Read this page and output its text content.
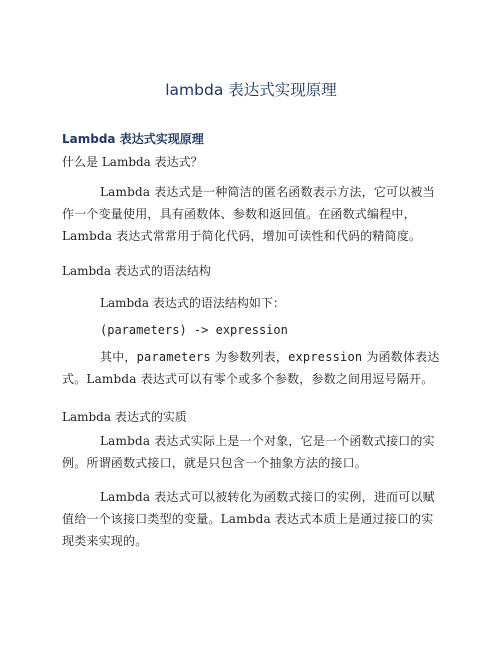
lambda 表达式实现原理
Lambda 表达式实现原理

什么是 Lambda 表达式？

Lambda 表达式是一种简洁的匿名函数表示方法，它可以被当作一个变量使用，具有函数体、参数和返回值。在函数式编程中，Lambda 表达式常常用于简化代码，增加可读性和代码的精简度。

Lambda 表达式的语法结构

Lambda 表达式的语法结构如下：

(parameters) -> expression

其中，parameters 为参数列表，expression 为函数体表达式。Lambda 表达式可以有零个或多个参数，参数之间用逗号隔开。

Lambda 表达式的实质

Lambda 表达式实际上是一个对象，它是一个函数式接口的实例。所谓函数式接口，就是只包含一个抽象方法的接口。

Lambda 表达式可以被转化为函数式接口的实例，进而可以赋值给一个该接口类型的变量。Lambda 表达式本质上是通过接口的实现类来实现的。
